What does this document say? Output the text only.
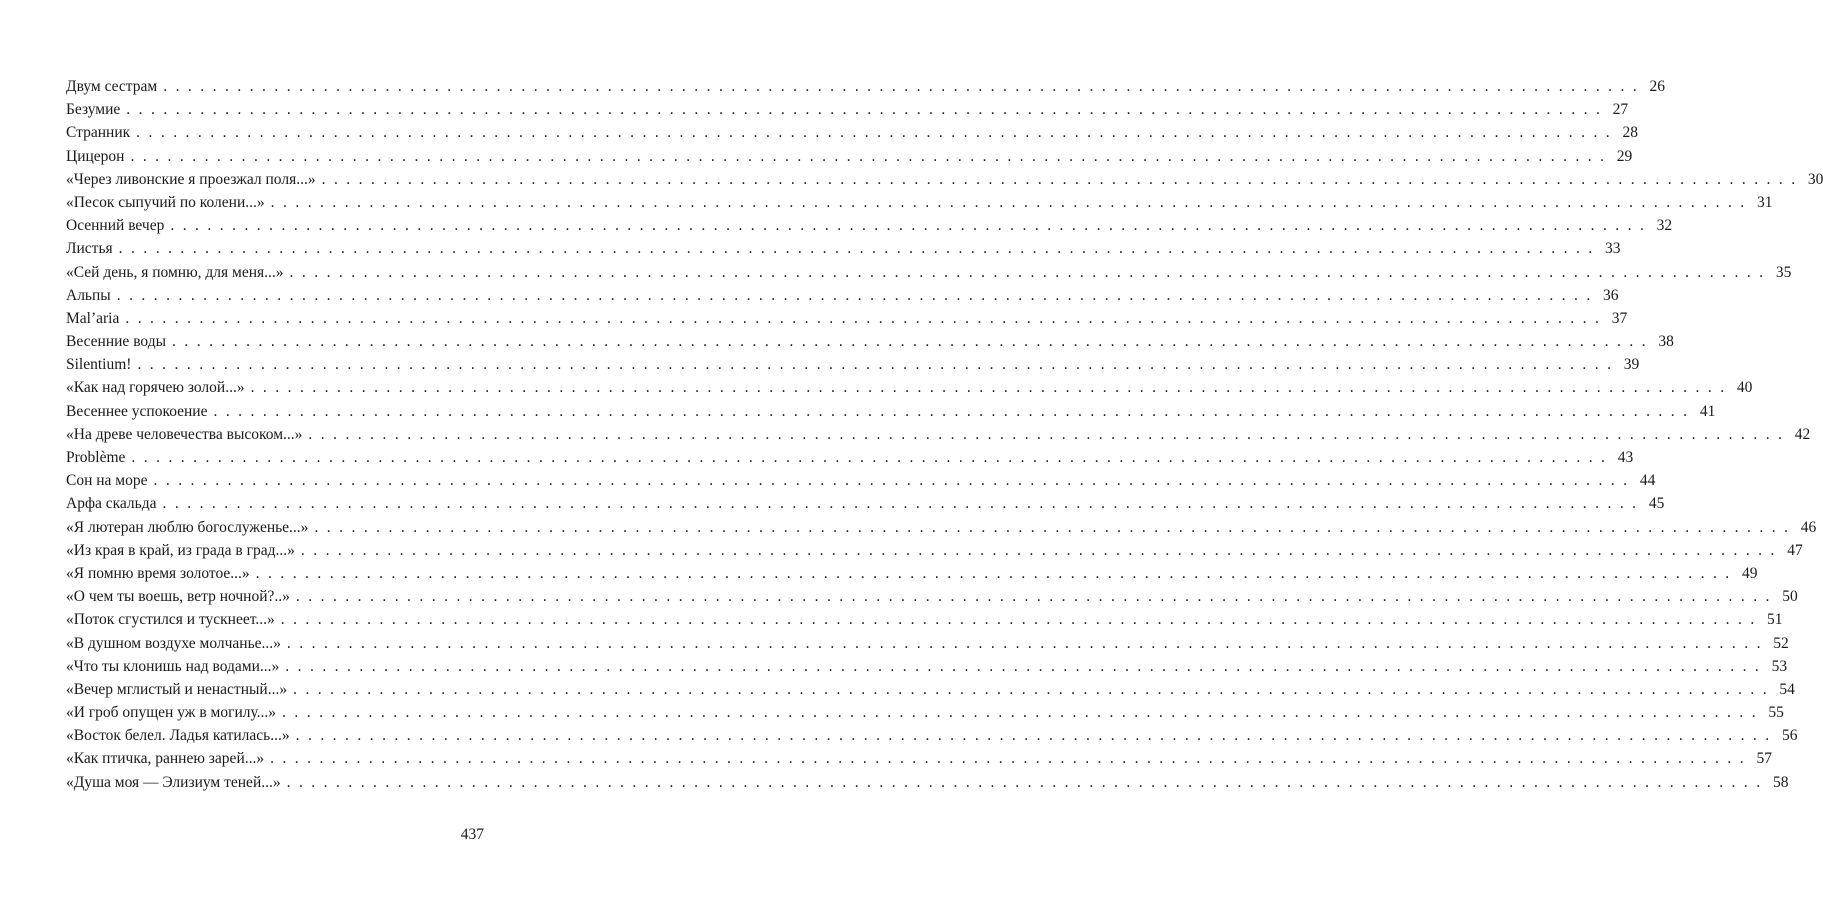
Двум сестрам . . . . . . . . . . . . . . . . . . . . . . . . . . . . . . . . . . . . . . . . . . . . . . . . . . . . . . . . . . . . . . . . . . . . . . . . . . . . . . . . . . . . . . . . . . . . . . . . . . . . . . . . . . . . . . . . . . . . . . . . 26
Безумие . . . . . . . . . . . . . . . . . . . . . . . . . . . . . . . . . . . . . . . . . . . . . . . . . . . . . . . . . . . . . . . . . . . . . . . . . . . . . . . . . . . . . . . . . . . . . . . . . . . . . . . . . . . . . . . . . . . . . . . . 27
Странник . . . . . . . . . . . . . . . . . . . . . . . . . . . . . . . . . . . . . . . . . . . . . . . . . . . . . . . . . . . . . . . . . . . . . . . . . . . . . . . . . . . . . . . . . . . . . . . . . . . . . . . . . . . . . . . . . . . . . . . . 28
Цицерон . . . . . . . . . . . . . . . . . . . . . . . . . . . . . . . . . . . . . . . . . . . . . . . . . . . . . . . . . . . . . . . . . . . . . . . . . . . . . . . . . . . . . . . . . . . . . . . . . . . . . . . . . . . . . . . . . . . . . . . . 29
«Через ливонские я проезжал поля...» . . . . . . . . . . . . . . . . . . . . . . . . . . . . . . . . . . . . . . . . . . . . . . . . . . . . . . . . . . . . . . . . . . . . . . . . . . . . . . . . . . . . . . . . . . . . . . . . . . . . . . . . . . . . . . . . . . . . . . . . 30
«Песок сыпучий по колени...» . . . . . . . . . . . . . . . . . . . . . . . . . . . . . . . . . . . . . . . . . . . . . . . . . . . . . . . . . . . . . . . . . . . . . . . . . . . . . . . . . . . . . . . . . . . . . . . . . . . . . . . . . . . . . . . . . . . . . . . . 31
Осенний вечер . . . . . . . . . . . . . . . . . . . . . . . . . . . . . . . . . . . . . . . . . . . . . . . . . . . . . . . . . . . . . . . . . . . . . . . . . . . . . . . . . . . . . . . . . . . . . . . . . . . . . . . . . . . . . . . . . . . . . . . . 32
Листья . . . . . . . . . . . . . . . . . . . . . . . . . . . . . . . . . . . . . . . . . . . . . . . . . . . . . . . . . . . . . . . . . . . . . . . . . . . . . . . . . . . . . . . . . . . . . . . . . . . . . . . . . . . . . . . . . . . . . . . . 33
«Сей день, я помню, для меня...» . . . . . . . . . . . . . . . . . . . . . . . . . . . . . . . . . . . . . . . . . . . . . . . . . . . . . . . . . . . . . . . . . . . . . . . . . . . . . . . . . . . . . . . . . . . . . . . . . . . . . . . . . . . . . . . . . . . . . . . . 35
Альпы . . . . . . . . . . . . . . . . . . . . . . . . . . . . . . . . . . . . . . . . . . . . . . . . . . . . . . . . . . . . . . . . . . . . . . . . . . . . . . . . . . . . . . . . . . . . . . . . . . . . . . . . . . . . . . . . . . . . . . . . 36
Mal’aria . . . . . . . . . . . . . . . . . . . . . . . . . . . . . . . . . . . . . . . . . . . . . . . . . . . . . . . . . . . . . . . . . . . . . . . . . . . . . . . . . . . . . . . . . . . . . . . . . . . . . . . . . . . . . . . . . . . . . . . . 37
Весенние воды . . . . . . . . . . . . . . . . . . . . . . . . . . . . . . . . . . . . . . . . . . . . . . . . . . . . . . . . . . . . . . . . . . . . . . . . . . . . . . . . . . . . . . . . . . . . . . . . . . . . . . . . . . . . . . . . . . . . . . . . 38
Silentium! . . . . . . . . . . . . . . . . . . . . . . . . . . . . . . . . . . . . . . . . . . . . . . . . . . . . . . . . . . . . . . . . . . . . . . . . . . . . . . . . . . . . . . . . . . . . . . . . . . . . . . . . . . . . . . . . . . . . . . . . 39
«Как над горячею золой...» . . . . . . . . . . . . . . . . . . . . . . . . . . . . . . . . . . . . . . . . . . . . . . . . . . . . . . . . . . . . . . . . . . . . . . . . . . . . . . . . . . . . . . . . . . . . . . . . . . . . . . . . . . . . . . . . . . . . . . . . 40
Весеннее успокоение . . . . . . . . . . . . . . . . . . . . . . . . . . . . . . . . . . . . . . . . . . . . . . . . . . . . . . . . . . . . . . . . . . . . . . . . . . . . . . . . . . . . . . . . . . . . . . . . . . . . . . . . . . . . . . . . . . . . . . . . 41
«На древе человечества высоком...» . . . . . . . . . . . . . . . . . . . . . . . . . . . . . . . . . . . . . . . . . . . . . . . . . . . . . . . . . . . . . . . . . . . . . . . . . . . . . . . . . . . . . . . . . . . . . . . . . . . . . . . . . . . . . . . . . . . . . . . . 42
Problème . . . . . . . . . . . . . . . . . . . . . . . . . . . . . . . . . . . . . . . . . . . . . . . . . . . . . . . . . . . . . . . . . . . . . . . . . . . . . . . . . . . . . . . . . . . . . . . . . . . . . . . . . . . . . . . . . . . . . . . . 43
Сон на море . . . . . . . . . . . . . . . . . . . . . . . . . . . . . . . . . . . . . . . . . . . . . . . . . . . . . . . . . . . . . . . . . . . . . . . . . . . . . . . . . . . . . . . . . . . . . . . . . . . . . . . . . . . . . . . . . . . . . . . . 44
Арфа скальда . . . . . . . . . . . . . . . . . . . . . . . . . . . . . . . . . . . . . . . . . . . . . . . . . . . . . . . . . . . . . . . . . . . . . . . . . . . . . . . . . . . . . . . . . . . . . . . . . . . . . . . . . . . . . . . . . . . . . . . . 45
«Я лютеран люблю богослуженье...» . . . . . . . . . . . . . . . . . . . . . . . . . . . . . . . . . . . . . . . . . . . . . . . . . . . . . . . . . . . . . . . . . . . . . . . . . . . . . . . . . . . . . . . . . . . . . . . . . . . . . . . . . . . . . . . . . . . . . . . . 46
«Из края в край, из града в град...» . . . . . . . . . . . . . . . . . . . . . . . . . . . . . . . . . . . . . . . . . . . . . . . . . . . . . . . . . . . . . . . . . . . . . . . . . . . . . . . . . . . . . . . . . . . . . . . . . . . . . . . . . . . . . . . . . . . . . . . . 47
«Я помню время золотое...» . . . . . . . . . . . . . . . . . . . . . . . . . . . . . . . . . . . . . . . . . . . . . . . . . . . . . . . . . . . . . . . . . . . . . . . . . . . . . . . . . . . . . . . . . . . . . . . . . . . . . . . . . . . . . . . . . . . . . . . . 49
«О чем ты воешь, ветр ночной?..» . . . . . . . . . . . . . . . . . . . . . . . . . . . . . . . . . . . . . . . . . . . . . . . . . . . . . . . . . . . . . . . . . . . . . . . . . . . . . . . . . . . . . . . . . . . . . . . . . . . . . . . . . . . . . . . . . . . . . . . . 50
«Поток сгустился и тускнеет...» . . . . . . . . . . . . . . . . . . . . . . . . . . . . . . . . . . . . . . . . . . . . . . . . . . . . . . . . . . . . . . . . . . . . . . . . . . . . . . . . . . . . . . . . . . . . . . . . . . . . . . . . . . . . . . . . . . . . . . . . 51
«В душном воздухе молчанье...» . . . . . . . . . . . . . . . . . . . . . . . . . . . . . . . . . . . . . . . . . . . . . . . . . . . . . . . . . . . . . . . . . . . . . . . . . . . . . . . . . . . . . . . . . . . . . . . . . . . . . . . . . . . . . . . . . . . . . . . . 52
«Что ты клонишь над водами...» . . . . . . . . . . . . . . . . . . . . . . . . . . . . . . . . . . . . . . . . . . . . . . . . . . . . . . . . . . . . . . . . . . . . . . . . . . . . . . . . . . . . . . . . . . . . . . . . . . . . . . . . . . . . . . . . . . . . . . . . 53
«Вечер мглистый и ненастный...» . . . . . . . . . . . . . . . . . . . . . . . . . . . . . . . . . . . . . . . . . . . . . . . . . . . . . . . . . . . . . . . . . . . . . . . . . . . . . . . . . . . . . . . . . . . . . . . . . . . . . . . . . . . . . . . . . . . . . . . . 54
«И гроб опущен уж в могилу...» . . . . . . . . . . . . . . . . . . . . . . . . . . . . . . . . . . . . . . . . . . . . . . . . . . . . . . . . . . . . . . . . . . . . . . . . . . . . . . . . . . . . . . . . . . . . . . . . . . . . . . . . . . . . . . . . . . . . . . . . 55
«Восток белел. Ладья катилась...» . . . . . . . . . . . . . . . . . . . . . . . . . . . . . . . . . . . . . . . . . . . . . . . . . . . . . . . . . . . . . . . . . . . . . . . . . . . . . . . . . . . . . . . . . . . . . . . . . . . . . . . . . . . . . . . . . . . . . . . . 56
«Как птичка, раннею зарей...» . . . . . . . . . . . . . . . . . . . . . . . . . . . . . . . . . . . . . . . . . . . . . . . . . . . . . . . . . . . . . . . . . . . . . . . . . . . . . . . . . . . . . . . . . . . . . . . . . . . . . . . . . . . . . . . . . . . . . . . . 57
«Душа моя — Элизиум теней...» . . . . . . . . . . . . . . . . . . . . . . . . . . . . . . . . . . . . . . . . . . . . . . . . . . . . . . . . . . . . . . . . . . . . . . . . . . . . . . . . . . . . . . . . . . . . . . . . . . . . . . . . . . . . . . . . . . . . . . . . 58
437
